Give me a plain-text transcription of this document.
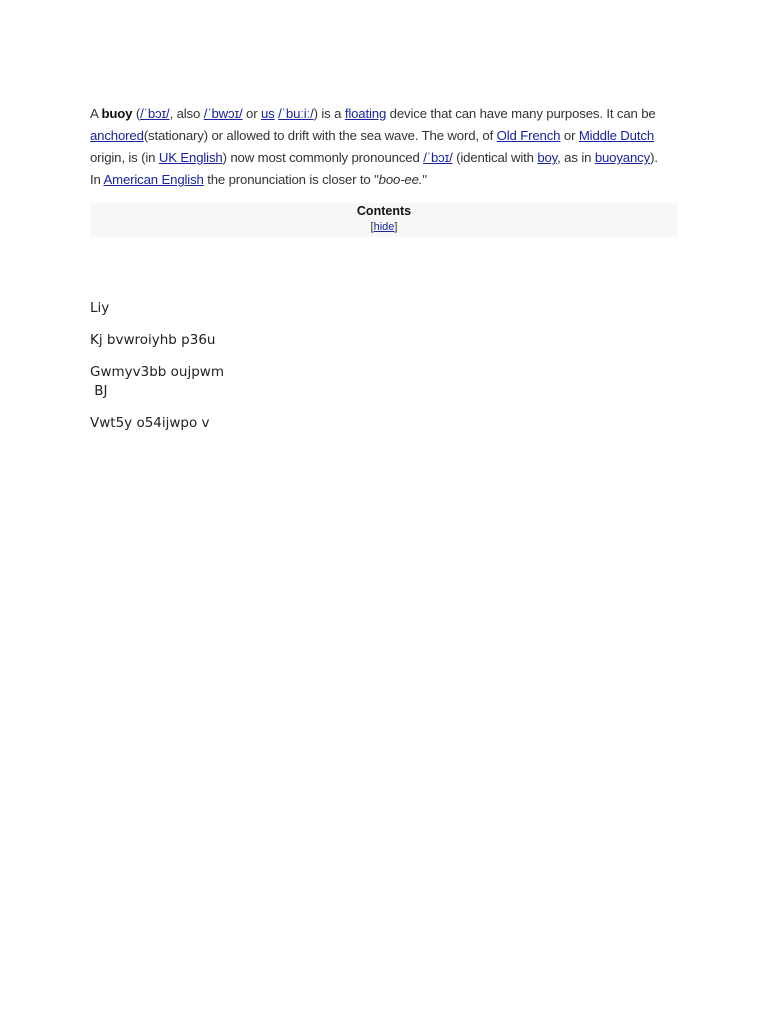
A buoy (/ˈbɔɪ/, also /ˈbwɔɪ/ or us /ˈbuːiː/) is a floating device that can have many purposes. It can be anchored(stationary) or allowed to drift with the sea wave. The word, of Old French or Middle Dutch origin, is (in UK English) now most commonly pronounced /ˈbɔɪ/ (identical with boy, as in buoyancy). In American English the pronunciation is closer to "boo-ee."
Contents
[hide]
Liy
Kj bvwroiyhb p36u
Gwmyv3bb oujpwm
BJ
Vwt5y o54ijwpo v
